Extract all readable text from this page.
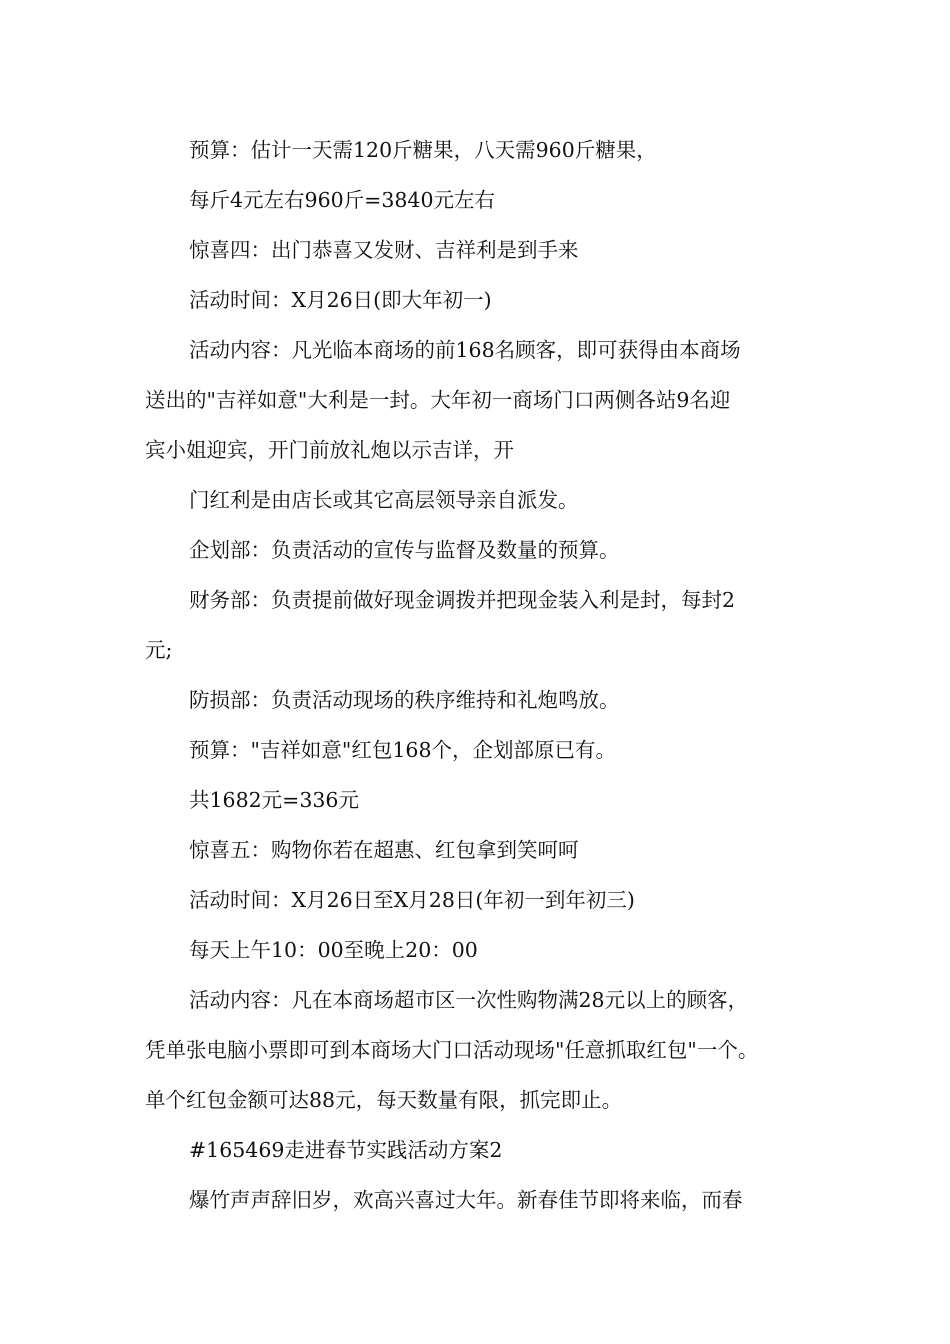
预算：估计一天需120斤糖果，八天需960斤糖果，
每斤4元左右960斤=3840元左右
惊喜四：出门恭喜又发财、吉祥利是到手来
活动时间：X月26日(即大年初一)
活动内容：凡光临本商场的前168名顾客，即可获得由本商场
送出的"吉祥如意"大利是一封。大年初一商场门口两侧各站9名迎
宾小姐迎宾，开门前放礼炮以示吉详，开
门红利是由店长或其它高层领导亲自派发。
企划部：负责活动的宣传与监督及数量的预算。
财务部：负责提前做好现金调拨并把现金装入利是封，每封2
元;
防损部：负责活动现场的秩序维持和礼炮鸣放。
预算："吉祥如意"红包168个，企划部原已有。
共1682元=336元
惊喜五：购物你若在超惠、红包拿到笑呵呵
活动时间：X月26日至X月28日(年初一到年初三)
每天上午10：00至晚上20：00
活动内容：凡在本商场超市区一次性购物满28元以上的顾客，
凭单张电脑小票即可到本商场大门口活动现场"任意抓取红包"一个。
单个红包金额可达88元，每天数量有限，抓完即止。
#165469走进春节实践活动方案2
爆竹声声辞旧岁，欢高兴喜过大年。新春佳节即将来临，而春
